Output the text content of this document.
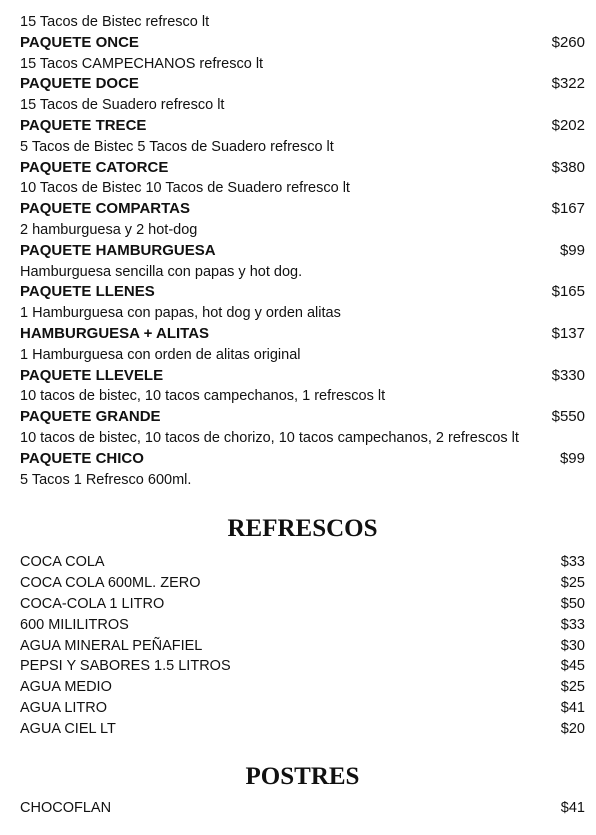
15 Tacos de Bistec refresco lt
PAQUETE ONCE	$260
15 Tacos CAMPECHANOS refresco lt
PAQUETE DOCE	$322
15 Tacos de Suadero refresco lt
PAQUETE TRECE	$202
5 Tacos de Bistec 5 Tacos de Suadero refresco lt
PAQUETE CATORCE	$380
10 Tacos de Bistec 10 Tacos de Suadero refresco lt
PAQUETE COMPARTAS	$167
2 hamburguesa y 2 hot-dog
PAQUETE HAMBURGUESA	$99
Hamburguesa sencilla con papas y hot dog.
PAQUETE LLENES	$165
1 Hamburguesa con papas, hot dog y orden alitas
HAMBURGUESA + ALITAS	$137
1 Hamburguesa con orden de alitas original
PAQUETE LLEVELE	$330
10 tacos de bistec, 10 tacos campechanos, 1 refrescos lt
PAQUETE GRANDE	$550
10 tacos de bistec, 10 tacos de chorizo, 10 tacos campechanos, 2 refrescos lt
PAQUETE CHICO	$99
5 Tacos 1 Refresco 600ml.
REFRESCOS
COCA COLA	$33
COCA COLA 600ML. ZERO	$25
COCA-COLA 1 LITRO	$50
600 MILILITROS	$33
AGUA MINERAL PEÑAFIEL	$30
PEPSI Y SABORES 1.5 LITROS	$45
AGUA MEDIO	$25
AGUA LITRO	$41
AGUA CIEL LT	$20
POSTRES
CHOCOFLAN	$41
